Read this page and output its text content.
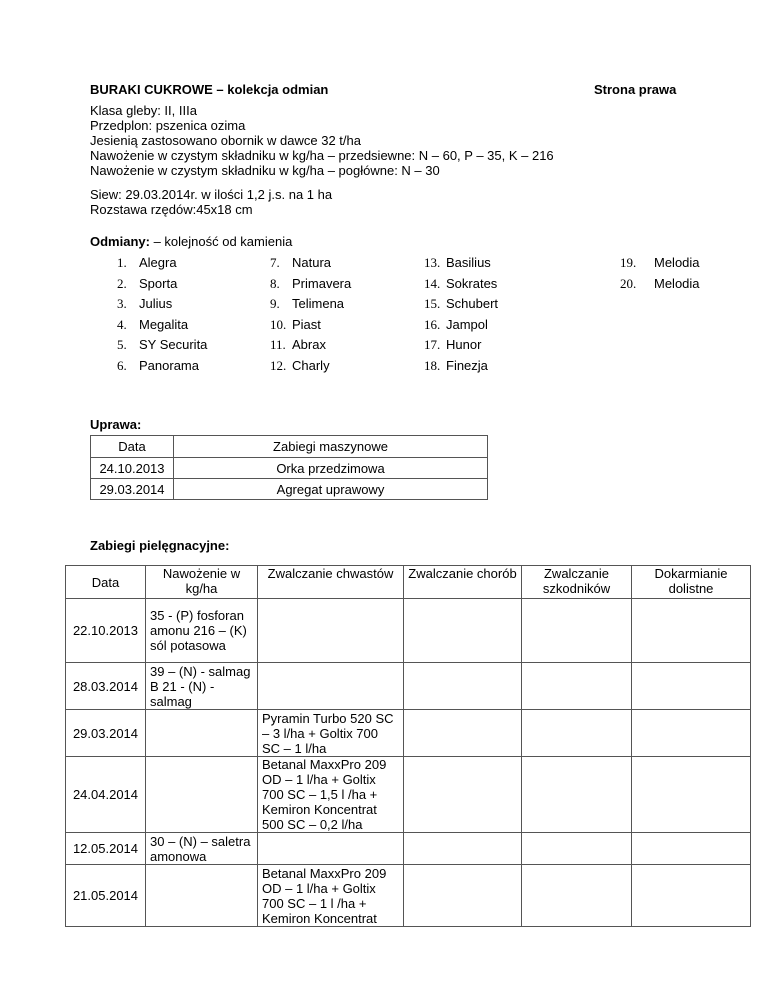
BURAKI CUKROWE – kolekcja odmian	Strona prawa
Klasa gleby: II, IIIa
Przedplon: pszenica ozima
Jesienią zastosowano obornik w dawce 32 t/ha
Nawożenie w czystym składniku w kg/ha – przedsiewne: N – 60, P – 35, K – 216
Nawożenie w czystym składniku w kg/ha – pogłówne: N – 30
Siew: 29.03.2014r. w ilości 1,2 j.s. na 1 ha
Rozstawa rzędów:45x18 cm
Odmiany: – kolejność od kamienia
1. Alegra
2. Sporta
3. Julius
4. Megalita
5. SY Securita
6. Panorama
7. Natura
8. Primavera
9. Telimena
10. Piast
11. Abrax
12. Charly
13. Basilius
14. Sokrates
15. Schubert
16. Jampol
17. Hunor
18. Finezja
19. Melodia
20. Melodia
Uprawa:
Data	Zabiegi maszynowe
24.10.2013	Orka przedzimowa
29.03.2014	Agregat uprawowy
Zabiegi pielęgnacyjne:
Data	Nawożenie w kg/ha	Zwalczanie chwastów	Zwalczanie chorób	Zwalczanie szkodników	Dokarmianie dolistne
22.10.2013	35 - (P) fosforan amonu 216 – (K) sól potasowa				
28.03.2014	39 – (N) - salmag B 21 - (N) - salmag				
29.03.2014		Pyramin Turbo 520 SC – 3 l/ha + Goltix 700 SC – 1 l/ha			
24.04.2014		Betanal MaxxPro 209 OD – 1 l/ha + Goltix 700 SC – 1,5 l /ha + Kemiron Koncentrat 500 SC – 0,2 l/ha			
12.05.2014	30 – (N) – saletra amonowa				
21.05.2014		Betanal MaxxPro 209 OD – 1 l/ha + Goltix 700 SC – 1 l /ha + Kemiron Koncentrat			
